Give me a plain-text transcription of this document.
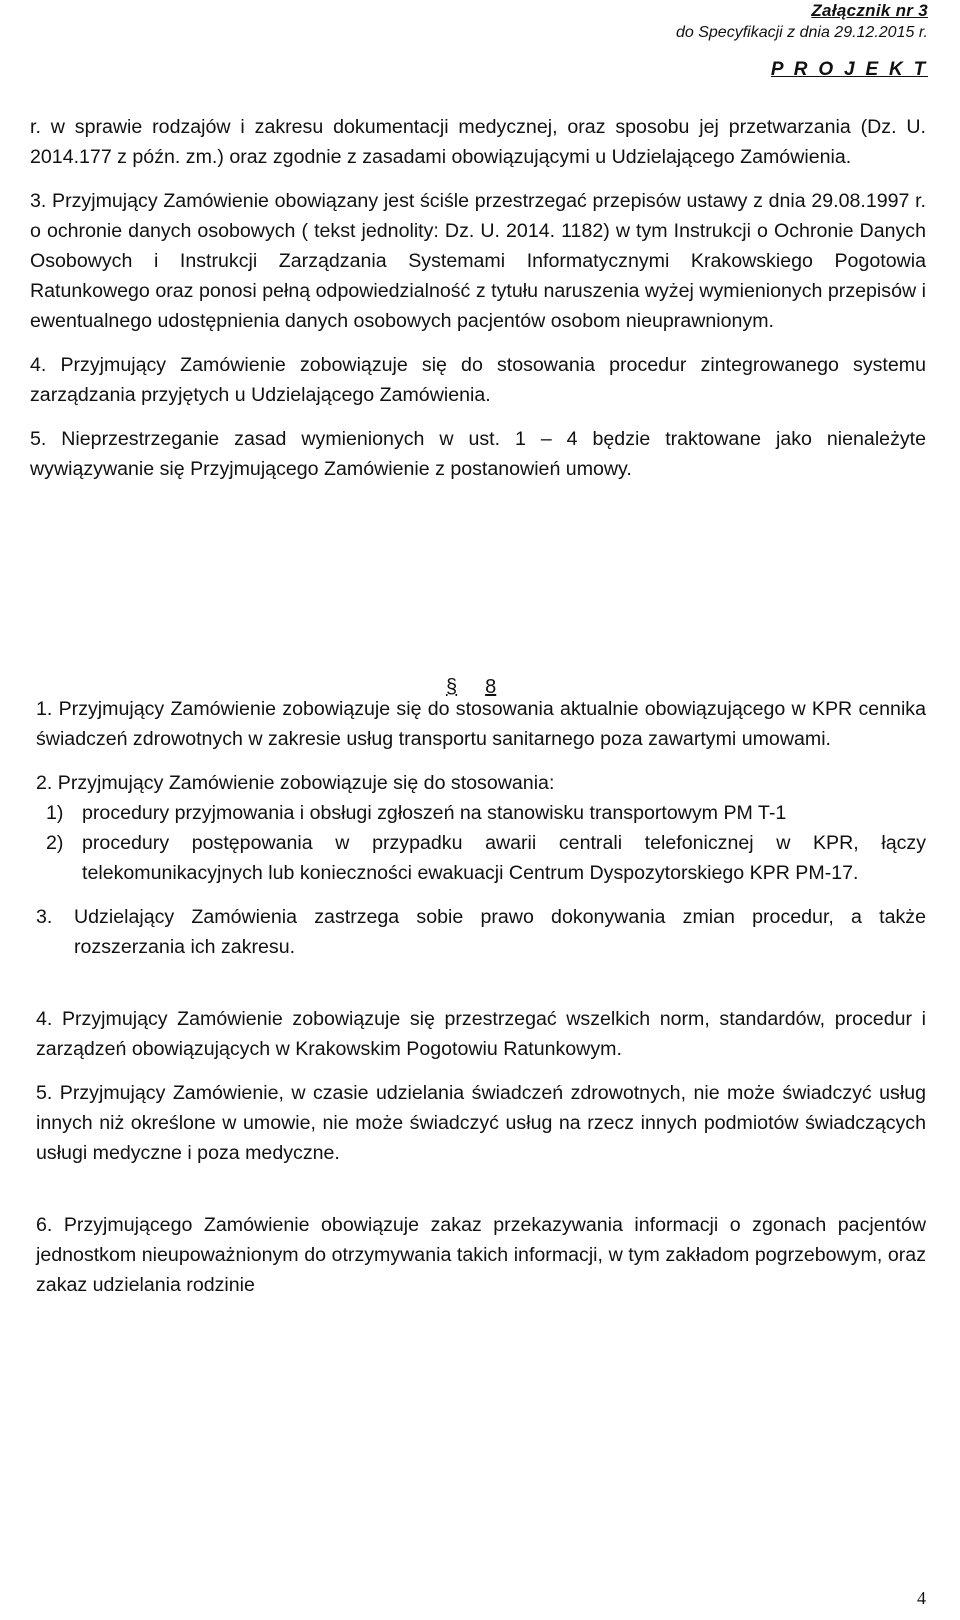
Załącznik nr 3
do Specyfikacji z dnia 29.12.2015 r.
P R O J E K T

r. w sprawie rodzajów i zakresu dokumentacji medycznej, oraz sposobu jej przetwarzania (Dz. U. 2014.177 z późn. zm.) oraz zgodnie z zasadami obowiązującymi u Udzielającego Zamówienia.

3. Przyjmujący Zamówienie obowiązany jest ściśle przestrzegać przepisów ustawy z dnia 29.08.1997 r. o ochronie danych osobowych ( tekst jednolity: Dz. U. 2014. 1182) w tym Instrukcji o Ochronie Danych Osobowych i Instrukcji Zarządzania Systemami Informatycznymi Krakowskiego Pogotowia Ratunkowego oraz ponosi pełną odpowiedzialność z tytułu naruszenia wyżej wymienionych przepisów i ewentualnego udostępnienia danych osobowych pacjentów osobom nieuprawnionym.

4. Przyjmujący Zamówienie zobowiązuje się do stosowania procedur zintegrowanego systemu zarządzania przyjętych u Udzielającego Zamówienia.

5. Nieprzestrzeganie zasad wymienionych w ust. 1 – 4 będzie traktowane jako nienależyte wywiązywanie się Przyjmującego Zamówienie z postanowień umowy.

§ 8

1. Przyjmujący Zamówienie zobowiązuje się do stosowania aktualnie obowiązującego w KPR cennika świadczeń zdrowotnych w zakresie usług transportu sanitarnego poza zawartymi umowami.

2. Przyjmujący Zamówienie zobowiązuje się do stosowania:

1) procedury przyjmowania i obsługi zgłoszeń na stanowisku transportowym PM T-1
2) procedury postępowania w przypadku awarii centrali telefonicznej w KPR, łączy telekomunikacyjnych lub konieczności ewakuacji Centrum Dyspozytorskiego KPR PM-17.
3.	Udzielający Zamówienia zastrzega sobie prawo dokonywania zmian procedur, a także rozszerzania ich zakresu.

4. Przyjmujący Zamówienie zobowiązuje się przestrzegać wszelkich norm, standardów, procedur i zarządzeń obowiązujących w Krakowskim Pogotowiu Ratunkowym.

5. Przyjmujący Zamówienie, w czasie udzielania świadczeń zdrowotnych, nie może świadczyć usług innych niż określone w umowie, nie może świadczyć usług na rzecz innych podmiotów świadczących usługi medyczne i poza medyczne.

6. Przyjmującego Zamówienie obowiązuje zakaz przekazywania informacji o zgonach pacjentów jednostkom nieupoważnionym do otrzymywania takich informacji, w tym zakładom pogrzebowym, oraz zakaz udzielania rodzinie

4
